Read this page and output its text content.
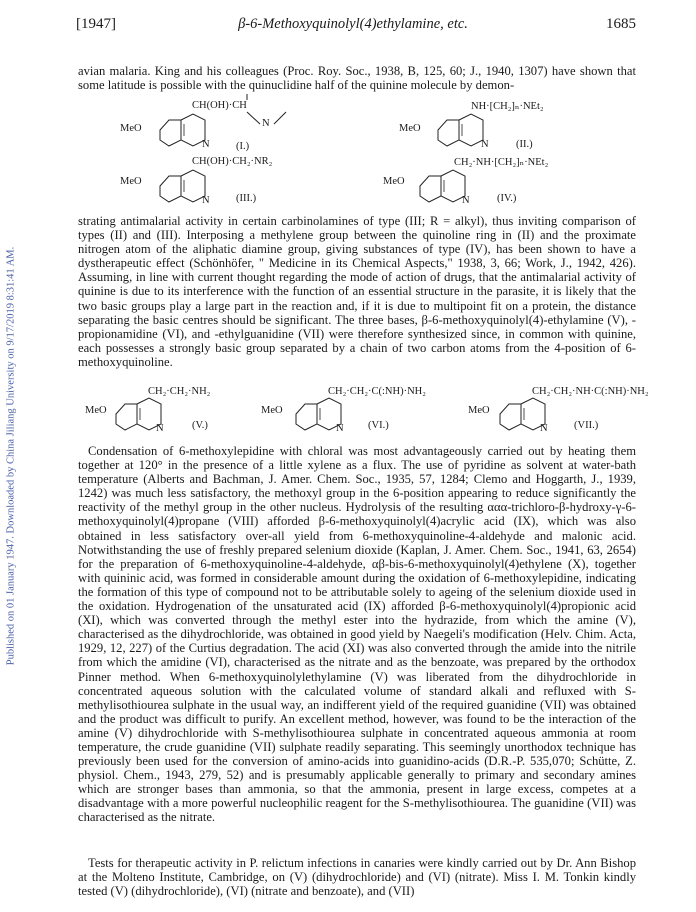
Published on 01 January 1947. Downloaded by China Jiliang University on 9/17/2019 8:31:41 AM.
[1947]	β-6-Methoxyquinolyl(4)ethylamine, etc.	1685

avian malaria. King and his colleagues (Proc. Roy. Soc., 1938, B, 125, 60; J., 1940, 1307) have shown that some latitude is possible with the quinuclidine half of the quinine molecule by demon-

MeO
N
CH(OH)·CH
N
(I.)
MeO
N
NH·[CH₂]ₙ·NEt₂
(II.)
MeO
N
CH(OH)·CH₂·NR₂
(III.)
MeO
N
CH₂·NH·[CH₂]ₙ·NEt₂
(IV.)

strating antimalarial activity in certain carbinolamines of type (III; R = alkyl), thus inviting comparison of types (II) and (III). Interposing a methylene group between the quinoline ring in (II) and the proximate nitrogen atom of the aliphatic diamine group, giving substances of type (IV), has been shown to have a dystherapeutic effect (Schönhöfer, " Medicine in its Chemical Aspects," 1938, 3, 66; Work, J., 1942, 426). Assuming, in line with current thought regarding the mode of action of drugs, that the antimalarial activity of quinine is due to its interference with the function of an essential structure in the parasite, it is likely that the two basic groups play a large part in the reaction and, if it is due to multipoint fit on a protein, the distance separating the basic centres should be significant. The three bases, β-6-methoxyquinolyl(4)-ethylamine (V), -propionamidine (VI), and -ethylguanidine (VII) were therefore synthesized since, in common with quinine, each possesses a strongly basic group separated by a chain of two carbon atoms from the 4-position of 6-methoxyquinoline.

MeO
N
CH₂·CH₂·NH₂
(V.)
MeO
N
CH₂·CH₂·C(:NH)·NH₂
(VI.)
MeO
N
CH₂·CH₂·NH·C(:NH)·NH₂
(VII.)

Condensation of 6-methoxylepidine with chloral was most advantageously carried out by heating them together at 120° in the presence of a little xylene as a flux. The use of pyridine as solvent at water-bath temperature (Alberts and Bachman, J. Amer. Chem. Soc., 1935, 57, 1284; Clemo and Hoggarth, J., 1939, 1242) was much less satisfactory, the methoxyl group in the 6-position appearing to reduce significantly the reactivity of the methyl group in the other nucleus. Hydrolysis of the resulting ααα-trichloro-β-hydroxy-γ-6-methoxyquinolyl(4)propane (VIII) afforded β-6-methoxyquinolyl(4)acrylic acid (IX), which was also obtained in less satisfactory over-all yield from 6-methoxyquinoline-4-aldehyde and malonic acid. Notwithstanding the use of freshly prepared selenium dioxide (Kaplan, J. Amer. Chem. Soc., 1941, 63, 2654) for the preparation of 6-methoxyquinoline-4-aldehyde, αβ-bis-6-methoxyquinolyl(4)ethylene (X), together with quininic acid, was formed in considerable amount during the oxidation of 6-methoxylepidine, indicating the formation of this type of compound not to be attributable solely to ageing of the selenium dioxide used in the oxidation. Hydrogenation of the unsaturated acid (IX) afforded β-6-methoxyquinolyl(4)propionic acid (XI), which was converted through the methyl ester into the hydrazide, from which the amine (V), characterised as the dihydrochloride, was obtained in good yield by Naegeli's modification (Helv. Chim. Acta, 1929, 12, 227) of the Curtius degradation. The acid (XI) was also converted through the amide into the nitrile from which the amidine (VI), characterised as the nitrate and as the benzoate, was prepared by the orthodox Pinner method. When 6-methoxyquinolylethylamine (V) was liberated from the dihydrochloride in concentrated aqueous solution with the calculated volume of standard alkali and refluxed with S-methylisothiourea sulphate in the usual way, an indifferent yield of the required guanidine (VII) was obtained and the product was difficult to purify. An excellent method, however, was found to be the interaction of the amine (V) dihydrochloride with S-methylisothiourea sulphate in concentrated aqueous ammonia at room temperature, the crude guanidine (VII) sulphate readily separating. This seemingly unorthodox technique has previously been used for the conversion of amino-acids into guanidino-acids (D.R.-P. 535,070; Schütte, Z. physiol. Chem., 1943, 279, 52) and is presumably applicable generally to primary and secondary amines which are stronger bases than ammonia, so that the ammonia, present in large excess, competes at a disadvantage with a more powerful nucleophilic reagent for the S-methylisothiourea. The guanidine (VII) was characterised as the nitrate.

Tests for therapeutic activity in P. relictum infections in canaries were kindly carried out by Dr. Ann Bishop at the Molteno Institute, Cambridge, on (V) (dihydrochloride) and (VI) (nitrate). Miss I. M. Tonkin kindly tested (V) (dihydrochloride), (VI) (nitrate and benzoate), and (VII)
